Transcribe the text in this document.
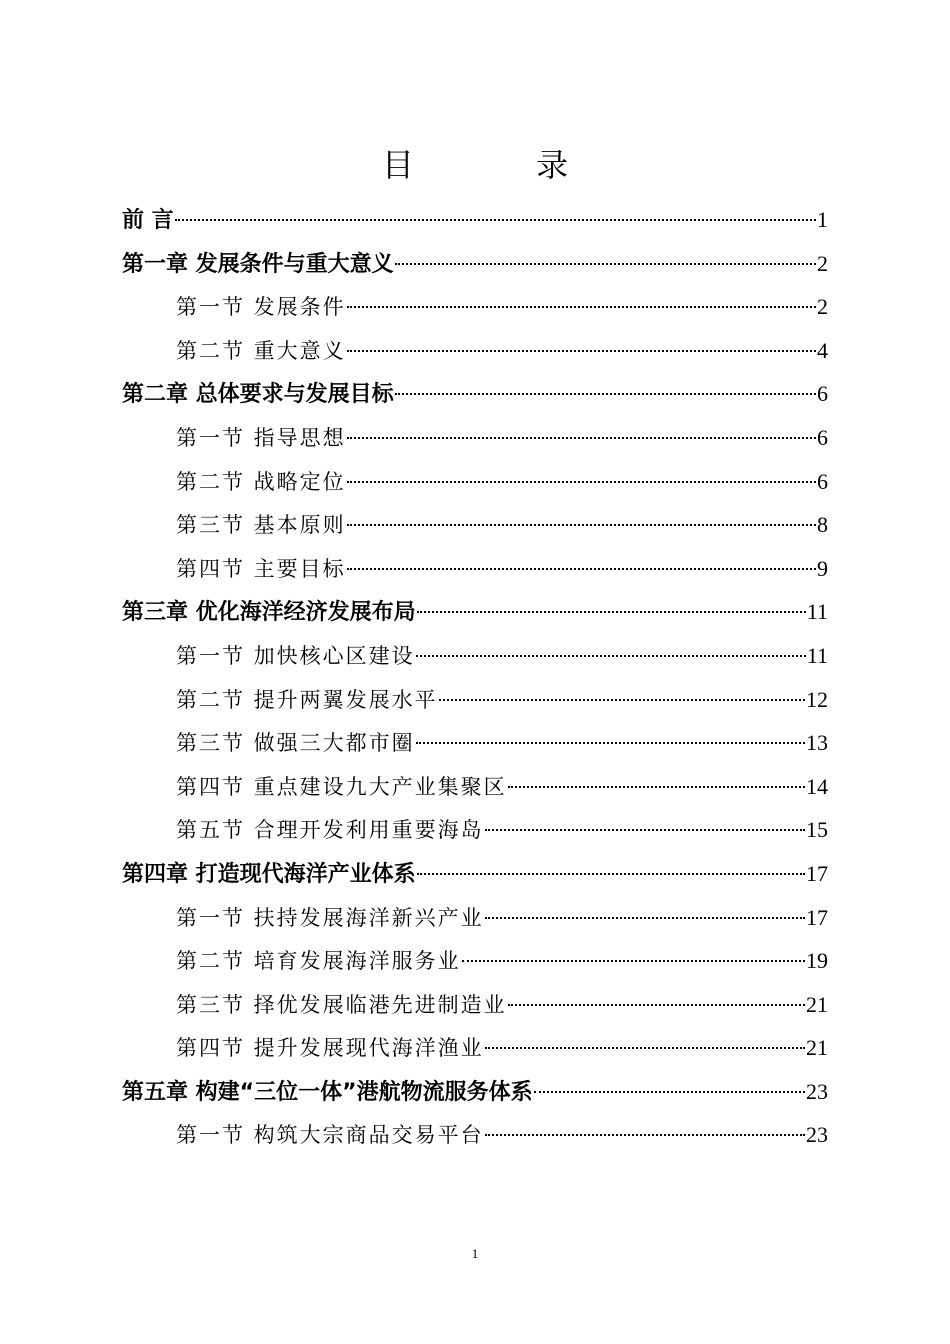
目 录
前 言	1
第一章 发展条件与重大意义	2
第一节 发展条件	2
第二节 重大意义	4
第二章 总体要求与发展目标	6
第一节 指导思想	6
第二节 战略定位	6
第三节 基本原则	8
第四节 主要目标	9
第三章 优化海洋经济发展布局	11
第一节 加快核心区建设	11
第二节 提升两翼发展水平	12
第三节 做强三大都市圈	13
第四节 重点建设九大产业集聚区	14
第五节 合理开发利用重要海岛	15
第四章 打造现代海洋产业体系	17
第一节 扶持发展海洋新兴产业	17
第二节 培育发展海洋服务业	19
第三节 择优发展临港先进制造业	21
第四节 提升发展现代海洋渔业	21
第五章 构建“三位一体”港航物流服务体系	23
第一节 构筑大宗商品交易平台	23
1
